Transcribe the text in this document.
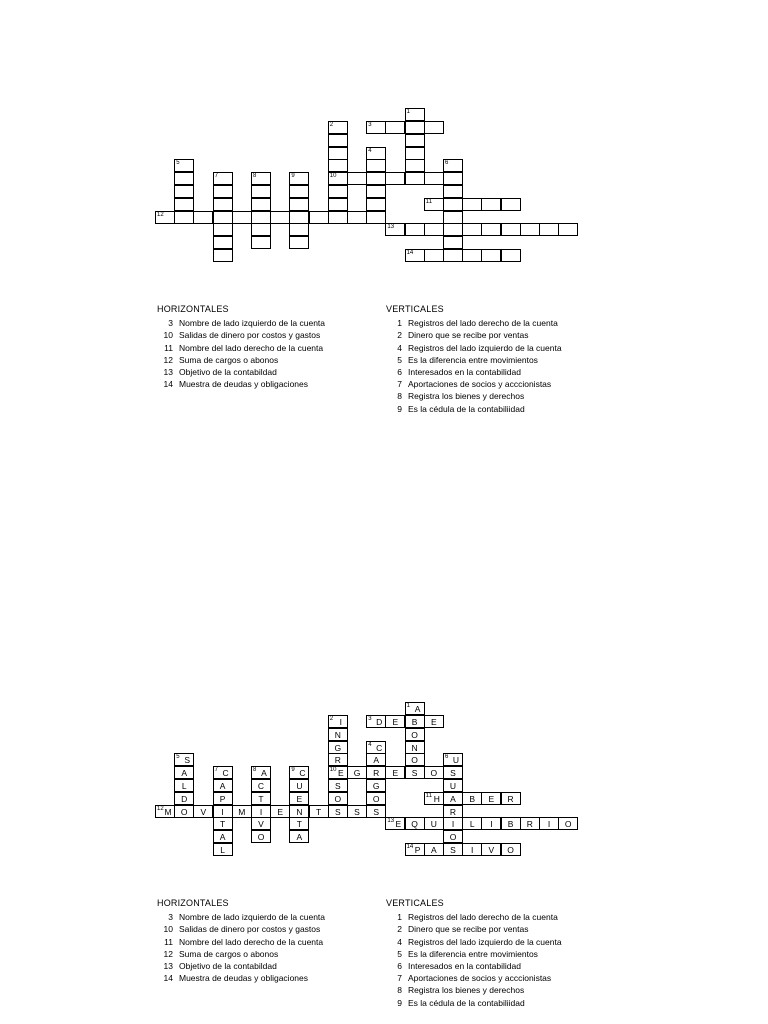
1
2
10
3
4
5	6
7	8	9
11
12
13
14
HORIZONTALES
3 Nombre de lado izquierdo de la cuenta
10 Salidas de dinero por costos y gastos
11 Nombre del lado derecho de la cuenta
12 Suma de cargos o abonos
13 Objetivo de la contabildad
14 Muestra de deudas y obligaciones
VERTICALES
1 Registros del lado derecho de la cuenta
2 Dinero que se recibe por ventas
4 Registros del lado izquierdo de la cuenta
5 Es la diferencia entre movimientos
6 Interesados en la contabilidad
7 Aportaciones de socios y acccionistas
8 Registra los bienes y derechos
9 Es la cédula de la contabiliidad
1 A
B
O
N
O
S
2 I
N
G
R
10 E
S
O
S
3 D	E	E
4 C
A
R
G
O
S
5 S
A
L
D
O
6 U
S
U
A
R
I
O
7 C
A
P
I
T
A
L
8 A
C
T
I
V
O
9 C
U
E
N
T
A
G	E	O
11 H	B	E	R
12 M	V	M	E	T	S
13 E	Q	U	L	I	B	R	I	O
14 P	A	S	I	V	O
HORIZONTALES
3 Nombre de lado izquierdo de la cuenta
10 Salidas de dinero por costos y gastos
11 Nombre del lado derecho de la cuenta
12 Suma de cargos o abonos
13 Objetivo de la contabildad
14 Muestra de deudas y obligaciones
VERTICALES
1 Registros del lado derecho de la cuenta
2 Dinero que se recibe por ventas
4 Registros del lado izquierdo de la cuenta
5 Es la diferencia entre movimientos
6 Interesados en la contabilidad
7 Aportaciones de socios y acccionistas
8 Registra los bienes y derechos
9 Es la cédula de la contabiliidad
